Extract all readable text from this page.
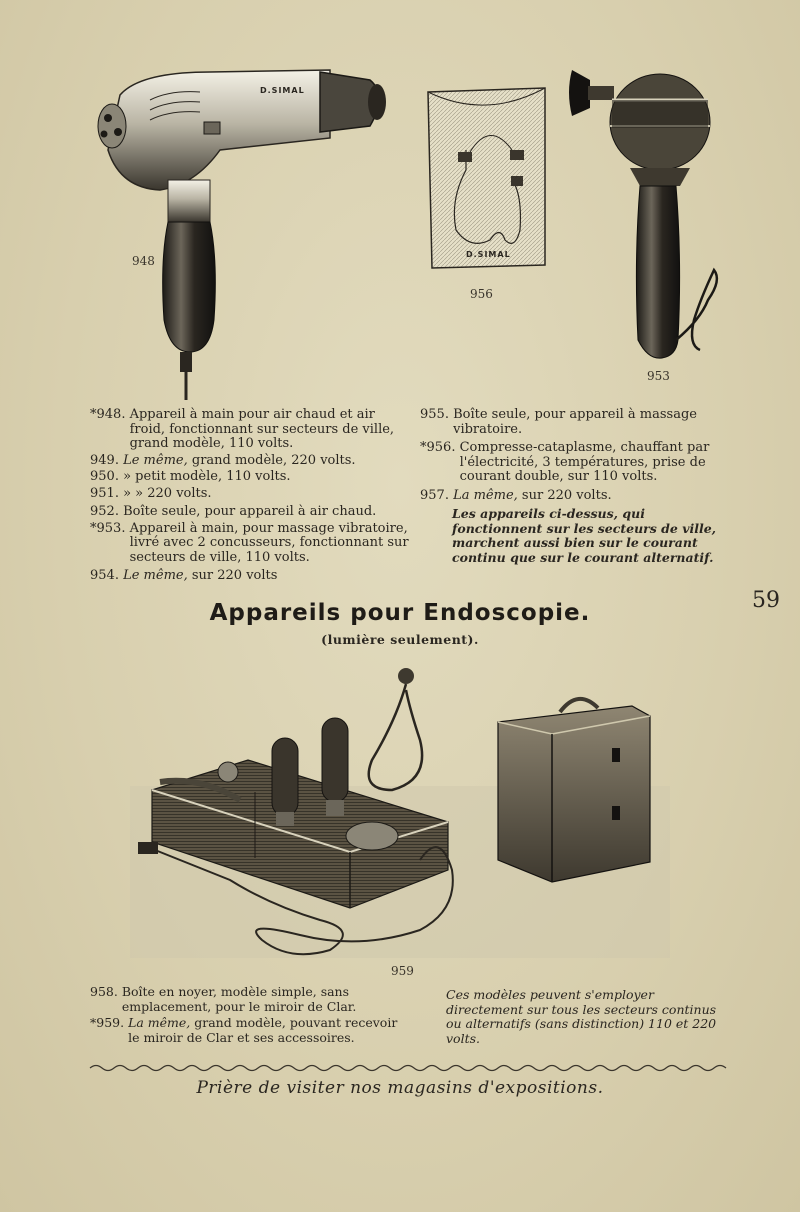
D.SIMAL
D.SIMAL
948
956
953
959
*948.
Appareil à main pour air chaud et air froid, fonctionnant sur secteurs de ville, grand modèle, 110 volts.
949.
Le même, grand modèle, 220 volts.
950.
» petit modèle, 110 volts.
951.
» » 220 volts.
952.
Boîte seule, pour appareil à air chaud.
*953.
Appareil à main, pour massage vibratoire, livré avec 2 concusseurs, fonctionnant sur secteurs de ville, 110 volts.
954.
Le même, sur 220 volts
955.
Boîte seule, pour appareil à massage vibratoire.
*956.
Compresse-cataplasme, chauffant par l'électricité, 3 températures, prise de courant double, sur 110 volts.
957.
La même, sur 220 volts.
Les appareils ci-dessus, qui fonctionnent sur les secteurs de ville, marchent aussi bien sur le courant continu que sur le courant alternatif.
59
Appareils pour Endoscopie.
(lumière seulement).
958.
Boîte en noyer, modèle simple, sans emplacement, pour le miroir de Clar.
*959.
La même, grand modèle, pouvant recevoir le miroir de Clar et ses accessoires.
Ces modèles peuvent s'employer directement sur tous les secteurs continus ou alternatifs (sans distinction) 110 et 220 volts.
Prière de visiter nos magasins d'expositions.
